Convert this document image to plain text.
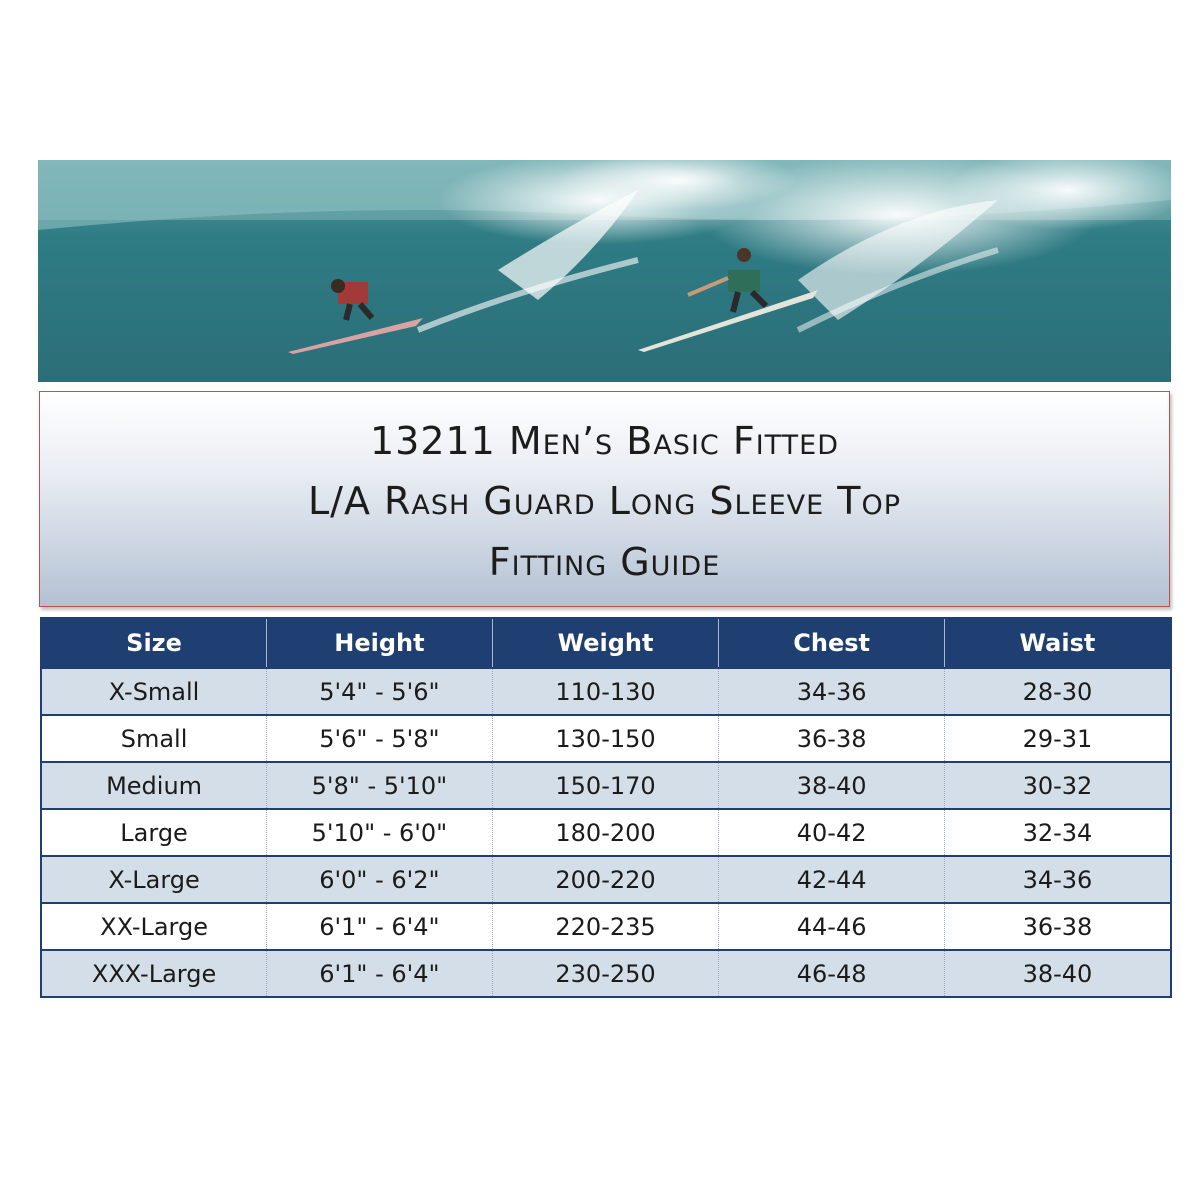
13211 Men’s Basic Fitted
L/A Rash Guard Long Sleeve Top
Fitting Guide
Size	Height	Weight	Chest	Waist
X-Small	5'4" - 5'6"	110-130	34-36	28-30
Small	5'6" - 5'8"	130-150	36-38	29-31
Medium	5'8" - 5'10"	150-170	38-40	30-32
Large	5'10" - 6'0"	180-200	40-42	32-34
X-Large	6'0" - 6'2"	200-220	42-44	34-36
XX-Large	6'1" - 6'4"	220-235	44-46	36-38
XXX-Large	6'1" - 6'4"	230-250	46-48	38-40
